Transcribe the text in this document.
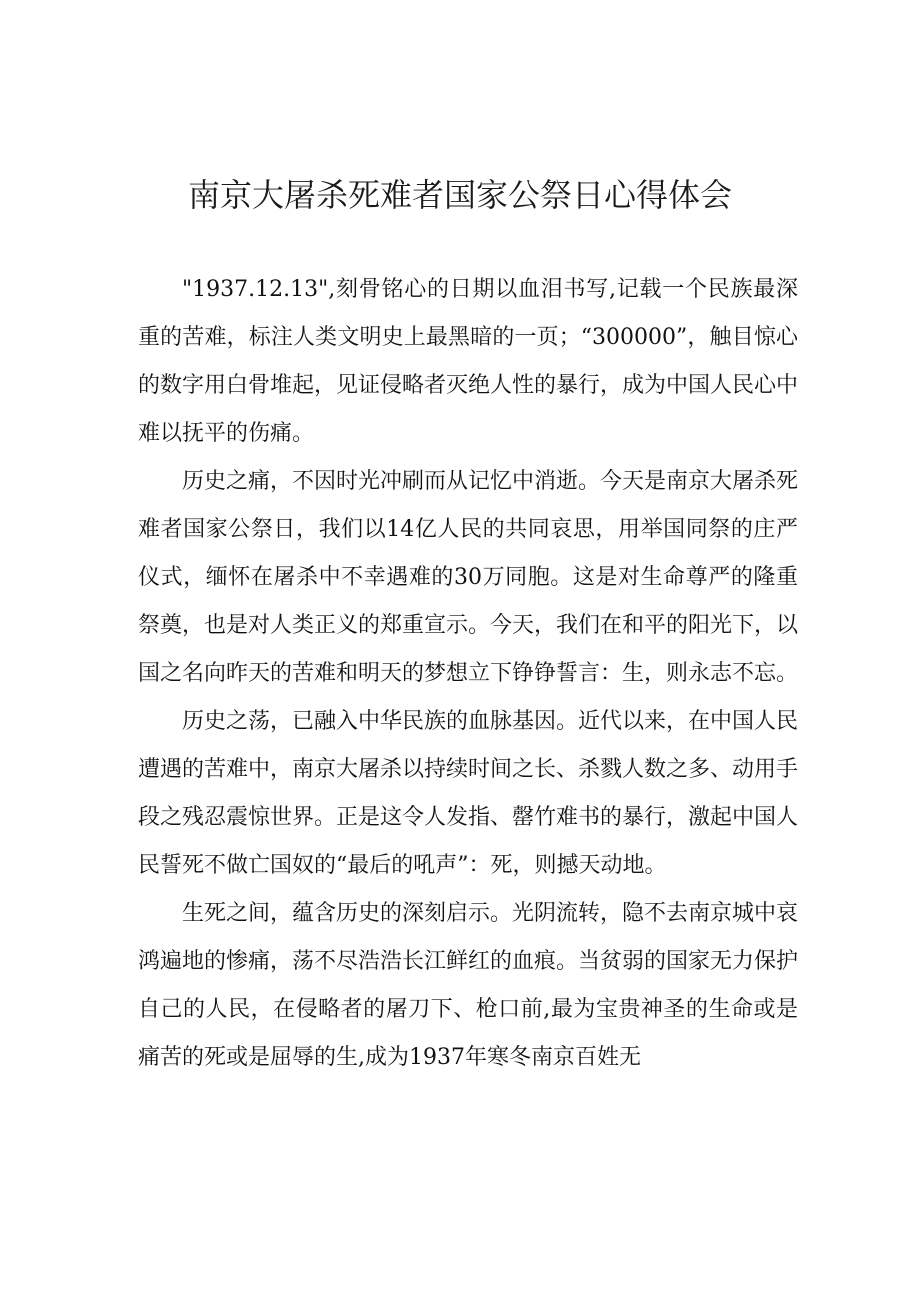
南京大屠杀死难者国家公祭日心得体会

"1937.12.13",刻骨铭心的日期以血泪书写,记载一个民族最深重的苦难，标注人类文明史上最黑暗的一页；“300000”，触目惊心的数字用白骨堆起，见证侵略者灭绝人性的暴行，成为中国人民心中难以抚平的伤痛。

历史之痛，不因时光冲刷而从记忆中消逝。今天是南京大屠杀死难者国家公祭日，我们以14亿人民的共同哀思，用举国同祭的庄严仪式，缅怀在屠杀中不幸遇难的30万同胞。这是对生命尊严的隆重祭奠，也是对人类正义的郑重宣示。今天，我们在和平的阳光下，以国之名向昨天的苦难和明天的梦想立下铮铮誓言：生，则永志不忘。

历史之荡，已融入中华民族的血脉基因。近代以来，在中国人民遭遇的苦难中，南京大屠杀以持续时间之长、杀戮人数之多、动用手段之残忍震惊世界。正是这令人发指、罄竹难书的暴行，激起中国人民誓死不做亡国奴的“最后的吼声”：死，则撼天动地。

生死之间，蕴含历史的深刻启示。光阴流转，隐不去南京城中哀鸿遍地的惨痛，荡不尽浩浩长江鲜红的血痕。当贫弱的国家无力保护自己的人民，在侵略者的屠刀下、枪口前,最为宝贵神圣的生命或是痛苦的死或是屈辱的生,成为1937年寒冬南京百姓无
